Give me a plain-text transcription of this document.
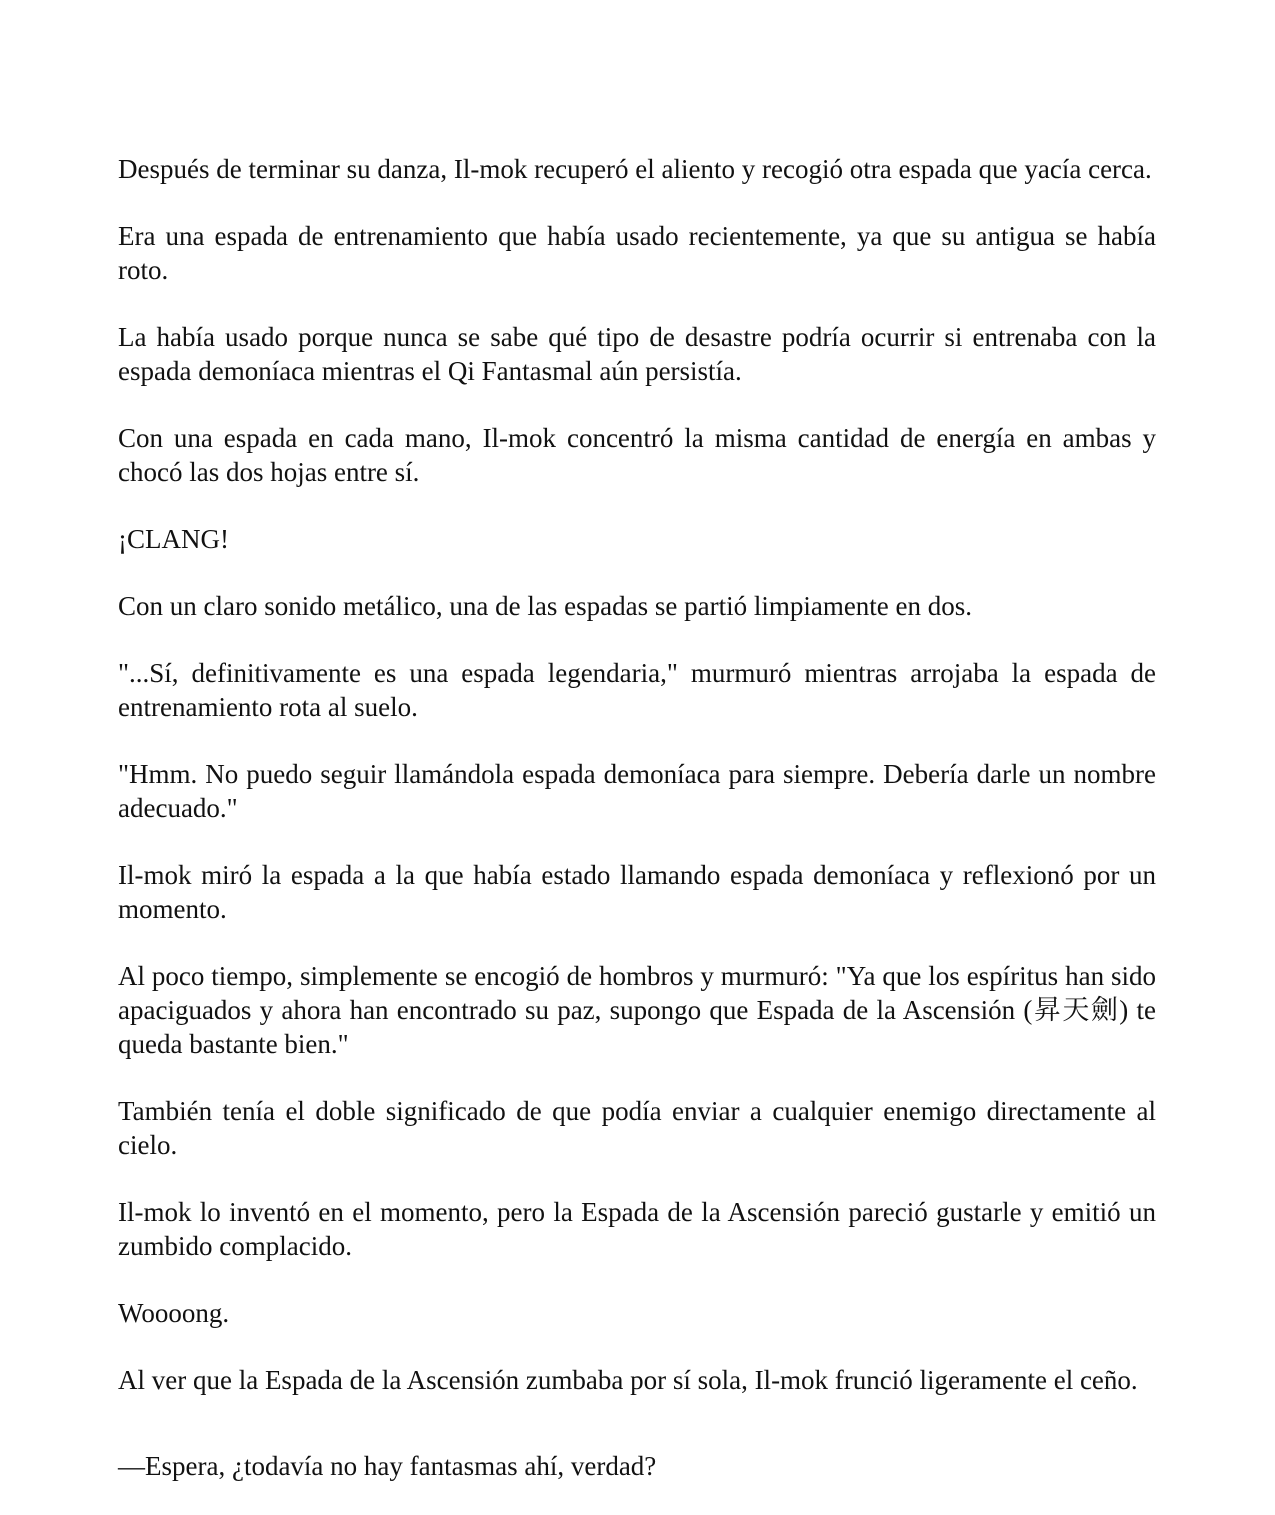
Después de terminar su danza, Il-mok recuperó el aliento y recogió otra espada que yacía cerca.

Era una espada de entrenamiento que había usado recientemente, ya que su antigua se había roto.

La había usado porque nunca se sabe qué tipo de desastre podría ocurrir si entrenaba con la espada demoníaca mientras el Qi Fantasmal aún persistía.

Con una espada en cada mano, Il-mok concentró la misma cantidad de energía en ambas y chocó las dos hojas entre sí.

¡CLANG!

Con un claro sonido metálico, una de las espadas se partió limpiamente en dos.

"...Sí, definitivamente es una espada legendaria," murmuró mientras arrojaba la espada de entrenamiento rota al suelo.

"Hmm. No puedo seguir llamándola espada demoníaca para siempre. Debería darle un nombre adecuado."

Il-mok miró la espada a la que había estado llamando espada demoníaca y reflexionó por un momento.

Al poco tiempo, simplemente se encogió de hombros y murmuró: "Ya que los espíritus han sido apaciguados y ahora han encontrado su paz, supongo que Espada de la Ascensión (昇天劍) te queda bastante bien."

También tenía el doble significado de que podía enviar a cualquier enemigo directamente al cielo.

Il-mok lo inventó en el momento, pero la Espada de la Ascensión pareció gustarle y emitió un zumbido complacido.

Woooong.

Al ver que la Espada de la Ascensión zumbaba por sí sola, Il-mok frunció ligeramente el ceño.

—Espera, ¿todavía no hay fantasmas ahí, verdad?
